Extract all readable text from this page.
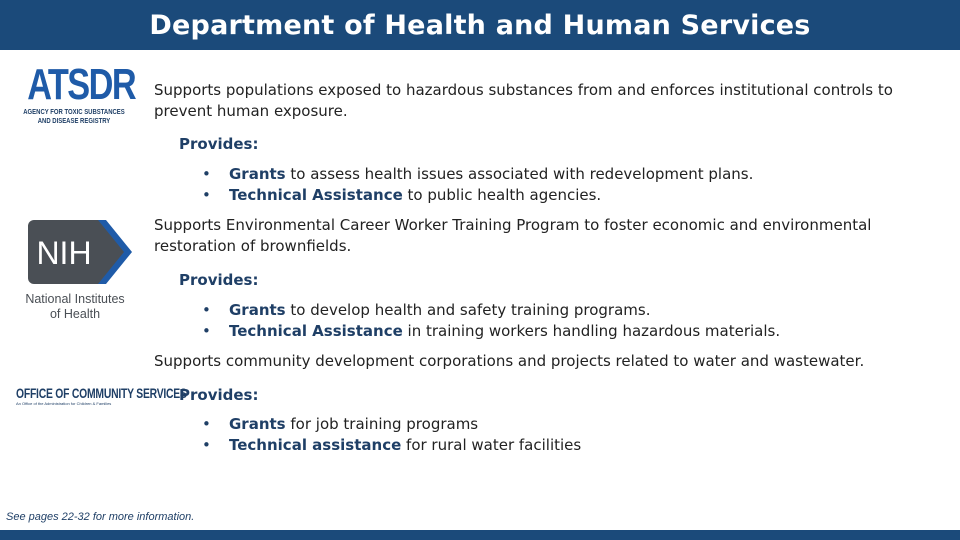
Department of Health and Human Services
ATSDR
AGENCY FOR TOXIC SUBSTANCES
AND DISEASE REGISTRY
Supports populations exposed to hazardous substances from and enforces institutional controls to prevent human exposure.
Provides:
• Grants to assess health issues associated with redevelopment plans.
• Technical Assistance to public health agencies.
NIH
National Institutes
of Health
Supports Environmental Career Worker Training Program to foster economic and environmental restoration of brownfields.
Provides:
• Grants to develop health and safety training programs.
• Technical Assistance in training workers handling hazardous materials.
OFFICE OF COMMUNITY SERVICES
An Office of the Administration for Children & Families
Supports community development corporations and projects related to water and wastewater.
Provides:
• Grants for job training programs
• Technical assistance for rural water facilities
See pages 22-32 for more information.
